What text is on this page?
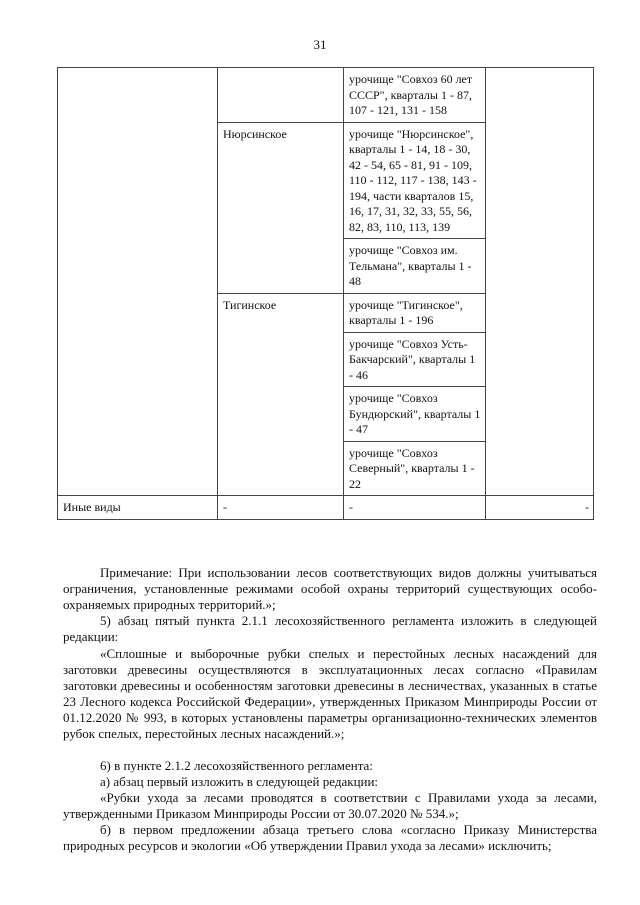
31
		урочище "Совхоз 60 лет СССР", кварталы 1 - 87, 107 - 121, 131 - 158	
	Нюрсинское	урочище "Нюрсинское", кварталы 1 - 14, 18 - 30, 42 - 54, 65 - 81, 91 - 109, 110 - 112, 117 - 138, 143 - 194, части кварталов 15, 16, 17, 31, 32, 33, 55, 56, 82, 83, 110, 113, 139	
		урочище "Совхоз им. Тельмана", кварталы 1 - 48	
	Тигинское	урочище "Тигинское", кварталы 1 - 196	
		урочище "Совхоз Усть-Бакчарский", кварталы 1 - 46	
		урочище "Совхоз Бундюрский", кварталы 1 - 47	
		урочище "Совхоз Северный", кварталы 1 - 22	
Иные виды	-	-	-

Примечание: При использовании лесов соответствующих видов должны учитываться ограничения, установленные режимами особой охраны территорий существующих особо-охраняемых природных территорий.»;

5) абзац пятый пункта 2.1.1 лесохозяйственного регламента изложить в следующей редакции:

«Сплошные и выборочные рубки спелых и перестойных лесных насаждений для заготовки древесины осуществляются в эксплуатационных лесах согласно «Правилам заготовки древесины и особенностям заготовки древесины в лесничествах, указанных в статье 23 Лесного кодекса Российской Федерации», утвержденных Приказом Минприроды России от 01.12.2020 № 993, в которых установлены параметры организационно-технических элементов рубок спелых, перестойных лесных насаждений.»;

6) в пункте 2.1.2 лесохозяйственного регламента:

а) абзац первый изложить в следующей редакции:

«Рубки ухода за лесами проводятся в соответствии с Правилами ухода за лесами, утвержденными Приказом Минприроды России от 30.07.2020 № 534.»;

б) в первом предложении абзаца третьего слова «согласно Приказу Министерства природных ресурсов и экологии «Об утверждении Правил ухода за лесами» исключить;
